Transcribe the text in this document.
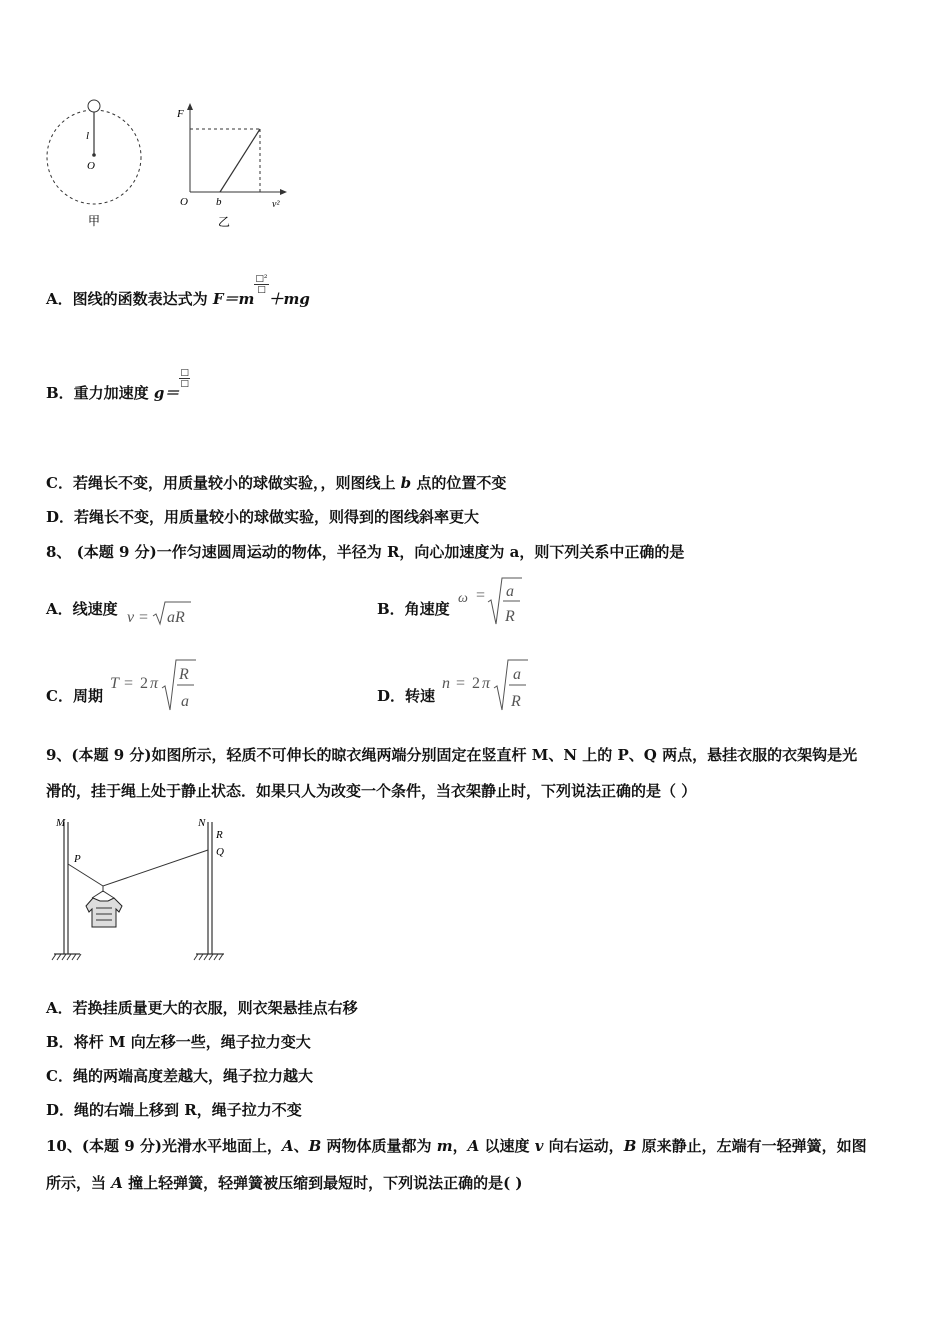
l
O
甲
F
O	b	v²
乙
A．图线的函数表达式为 F＝m
$\frac{\text{□²}}{□}$
＋mg
B．重力加速度 g＝
$\frac{□}{□}$
C．若绳长不变，用质量较小的球做实验，，则图线上 b 点的位置不变
D．若绳长不变，用质量较小的球做实验，则得到的图线斜率更大
8、 (本题 9 分)一作匀速圆周运动的物体，半径为 R，向心加速度为 a，则下列关系中正确的是
A．线速度 v = aR	B．角速度
ω = a
R
C．周期
T = 2 π
R
a	D．转速
n = 2 π
a
R
9、(本题 9 分)如图所示，轻质不可伸长的晾衣绳两端分别固定在竖直杆 M、N 上的 P、Q 两点，悬挂衣服的衣架钩是光
滑的，挂于绳上处于静止状态．如果只人为改变一个条件，当衣架静止时，下列说法正确的是（ ）
M
P
N
R
Q
A．若换挂质量更大的衣服，则衣架悬挂点右移
B．将杆 M 向左移一些，绳子拉力变大
C．绳的两端高度差越大，绳子拉力越大
D．绳的右端上移到 R，绳子拉力不变
10、(本题 9 分)光滑水平地面上，A、B 两物体质量都为 m，A 以速度 v 向右运动，B 原来静止，左端有一轻弹簧，如图
所示，当 A 撞上轻弹簧，轻弹簧被压缩到最短时，下列说法正确的是( )
